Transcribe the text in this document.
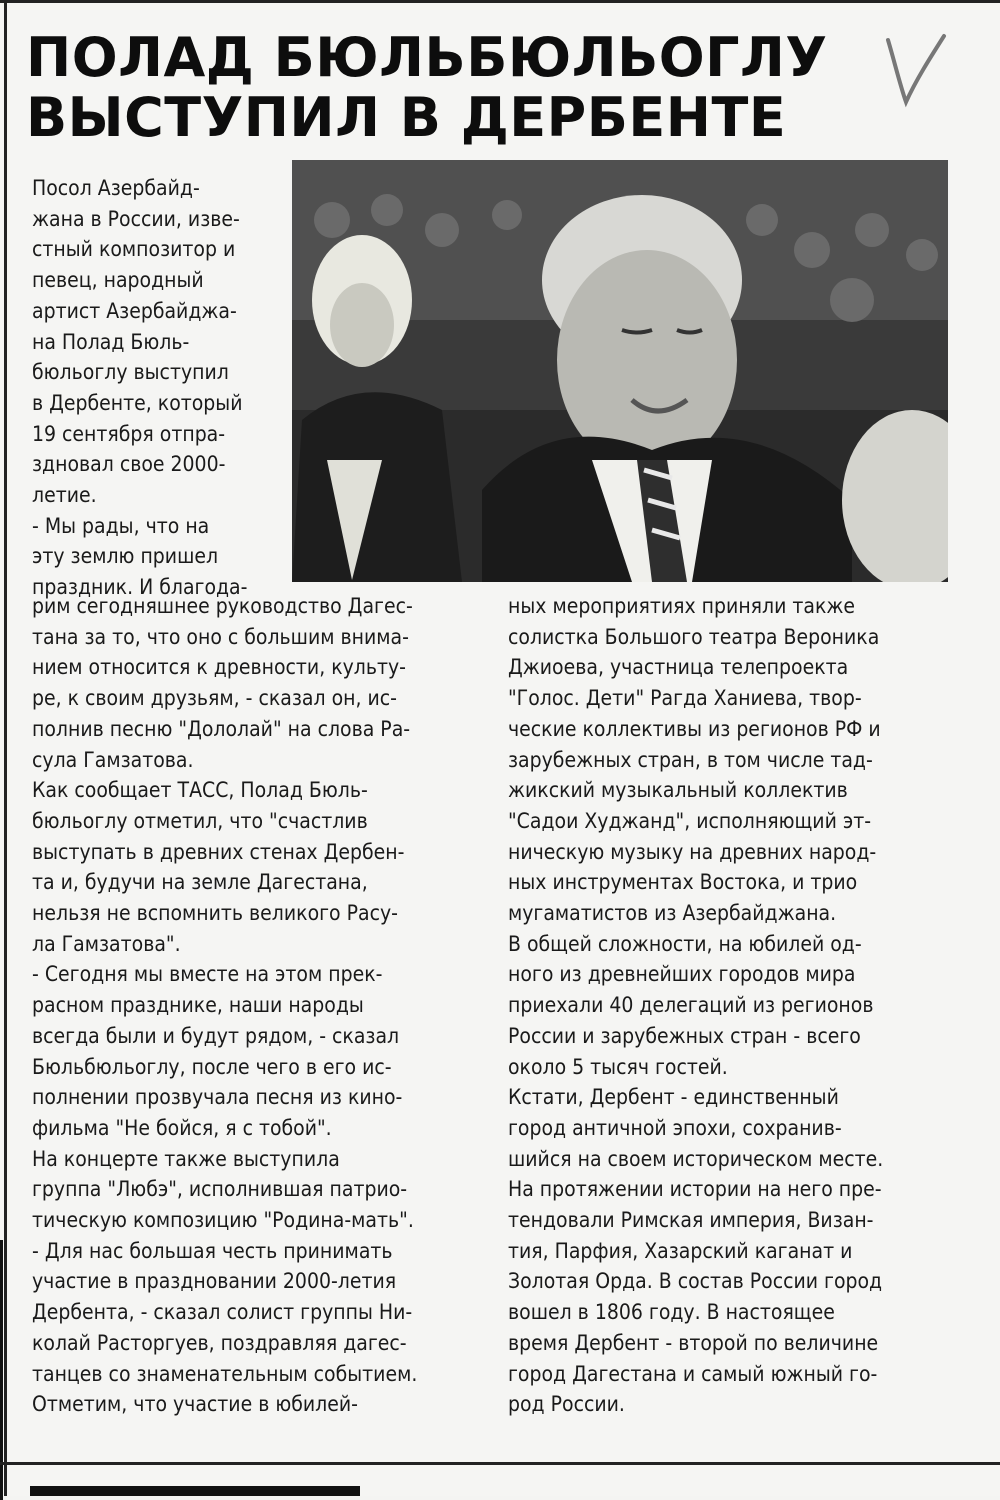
ПОЛАД БЮЛЬБЮЛЬОГЛУ
ВЫСТУПИЛ В ДЕРБЕНТЕ

Посол Азербайд-
жана в России, изве-
стный композитор и
певец, народный
артист Азербайджа-
на Полад Бюль-
бюльоглу выступил
в Дербенте, который
19 сентября отпра-
здновал свое 2000-
летие.
- Мы рады, что на
эту землю пришел
праздник. И благода-

рим сегодняшнее руководство Дагес-
тана за то, что оно с большим внима-
нием относится к древности, культу-
ре, к своим друзьям, - сказал он, ис-
полнив песню "Дололай" на слова Ра-
сула Гамзатова.
Как сообщает ТАСС, Полад Бюль-
бюльоглу отметил, что "счастлив
выступать в древних стенах Дербен-
та и, будучи на земле Дагестана,
нельзя не вспомнить великого Расу-
ла Гамзатова".
- Сегодня мы вместе на этом прек-
расном празднике, наши народы
всегда были и будут рядом, - сказал
Бюльбюльоглу, после чего в его ис-
полнении прозвучала песня из кино-
фильма "Не бойся, я с тобой".
На концерте также выступила
группа "Любэ", исполнившая патрио-
тическую композицию "Родина-мать".
- Для нас большая честь принимать
участие в праздновании 2000-летия
Дербента, - сказал солист группы Ни-
колай Расторгуев, поздравляя дагес-
танцев со знаменательным событием.
Отметим, что участие в юбилей-

ных мероприятиях приняли также
солистка Большого театра Вероника
Джиоева, участница телепроекта
"Голос. Дети" Рагда Ханиева, твор-
ческие коллективы из регионов РФ и
зарубежных стран, в том числе тад-
жикский музыкальный коллектив
"Садои Худжанд", исполняющий эт-
ническую музыку на древних народ-
ных инструментах Востока, и трио
мугаматистов из Азербайджана.
В общей сложности, на юбилей од-
ного из древнейших городов мира
приехали 40 делегаций из регионов
России и зарубежных стран - всего
около 5 тысяч гостей.
Кстати, Дербент - единственный
город античной эпохи, сохранив-
шийся на своем историческом месте.
На протяжении истории на него пре-
тендовали Римская империя, Визан-
тия, Парфия, Хазарский каганат и
Золотая Орда. В состав России город
вошел в 1806 году. В настоящее
время Дербент - второй по величине
город Дагестана и самый южный го-
род России.
